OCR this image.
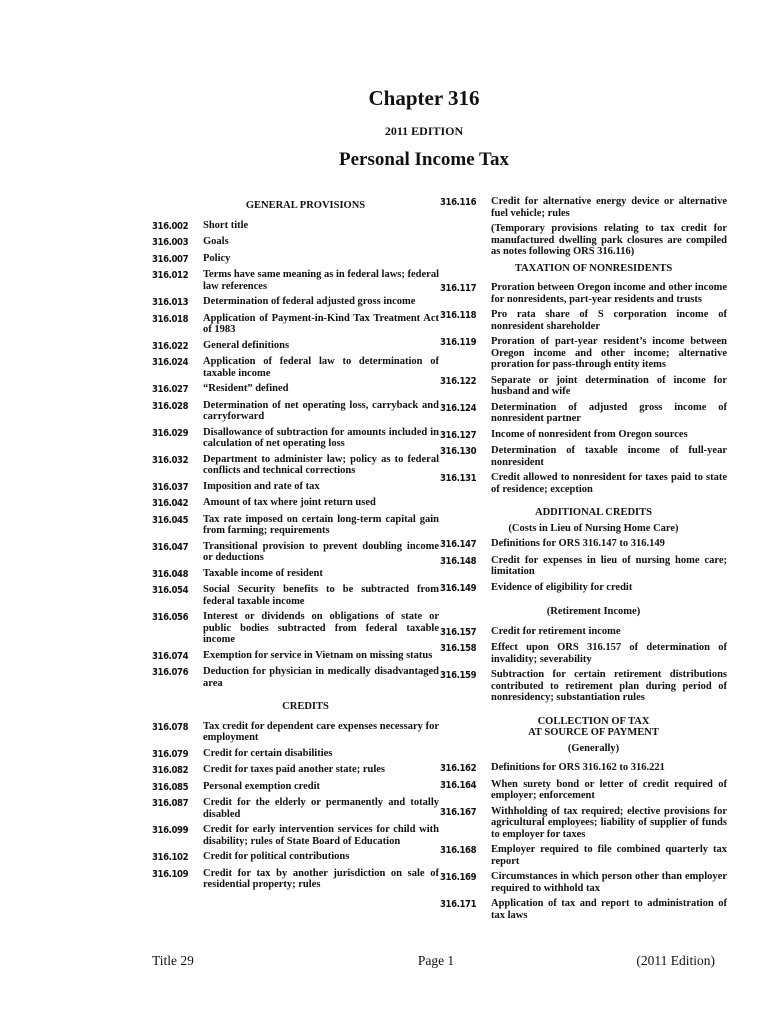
Chapter 316
2011 EDITION
Personal Income Tax
GENERAL PROVISIONS
316.002	Short title
316.003	Goals
316.007	Policy
316.012	Terms have same meaning as in federal laws; federal law references
316.013	Determination of federal adjusted gross income
316.018	Application of Payment-in-Kind Tax Treatment Act of 1983
316.022	General definitions
316.024	Application of federal law to determination of taxable income
316.027	“Resident” defined
316.028	Determination of net operating loss, carryback and carryforward
316.029	Disallowance of subtraction for amounts included in calculation of net operating loss
316.032	Department to administer law; policy as to federal conflicts and technical corrections
316.037	Imposition and rate of tax
316.042	Amount of tax where joint return used
316.045	Tax rate imposed on certain long-term capital gain from farming; requirements
316.047	Transitional provision to prevent doubling income or deductions
316.048	Taxable income of resident
316.054	Social Security benefits to be subtracted from federal taxable income
316.056	Interest or dividends on obligations of state or public bodies subtracted from federal taxable income
316.074	Exemption for service in Vietnam on missing status
316.076	Deduction for physician in medically disadvantaged area
CREDITS
316.078	Tax credit for dependent care expenses necessary for employment
316.079	Credit for certain disabilities
316.082	Credit for taxes paid another state; rules
316.085	Personal exemption credit
316.087	Credit for the elderly or permanently and totally disabled
316.099	Credit for early intervention services for child with disability; rules of State Board of Education
316.102	Credit for political contributions
316.109	Credit for tax by another jurisdiction on sale of residential property; rules
316.116	Credit for alternative energy device or alternative fuel vehicle; rules
(Temporary provisions relating to tax credit for manufactured dwelling park closures are compiled as notes following ORS 316.116)
TAXATION OF NONRESIDENTS
316.117	Proration between Oregon income and other income for nonresidents, part-year residents and trusts
316.118	Pro rata share of S corporation income of nonresident shareholder
316.119	Proration of part-year resident’s income between Oregon income and other income; alternative proration for pass-through entity items
316.122	Separate or joint determination of income for husband and wife
316.124	Determination of adjusted gross income of nonresident partner
316.127	Income of nonresident from Oregon sources
316.130	Determination of taxable income of full-year nonresident
316.131	Credit allowed to nonresident for taxes paid to state of residence; exception
ADDITIONAL CREDITS
(Costs in Lieu of Nursing Home Care)
316.147	Definitions for ORS 316.147 to 316.149
316.148	Credit for expenses in lieu of nursing home care; limitation
316.149	Evidence of eligibility for credit
(Retirement Income)
316.157	Credit for retirement income
316.158	Effect upon ORS 316.157 of determination of invalidity; severability
316.159	Subtraction for certain retirement distributions contributed to retirement plan during period of nonresidency; substantiation rules
COLLECTION OF TAX
AT SOURCE OF PAYMENT
(Generally)
316.162	Definitions for ORS 316.162 to 316.221
316.164	When surety bond or letter of credit required of employer; enforcement
316.167	Withholding of tax required; elective provisions for agricultural employees; liability of supplier of funds to employer for taxes
316.168	Employer required to file combined quarterly tax report
316.169	Circumstances in which person other than employer required to withhold tax
316.171	Application of tax and report to administration of tax laws
Title 29	Page 1	(2011 Edition)
